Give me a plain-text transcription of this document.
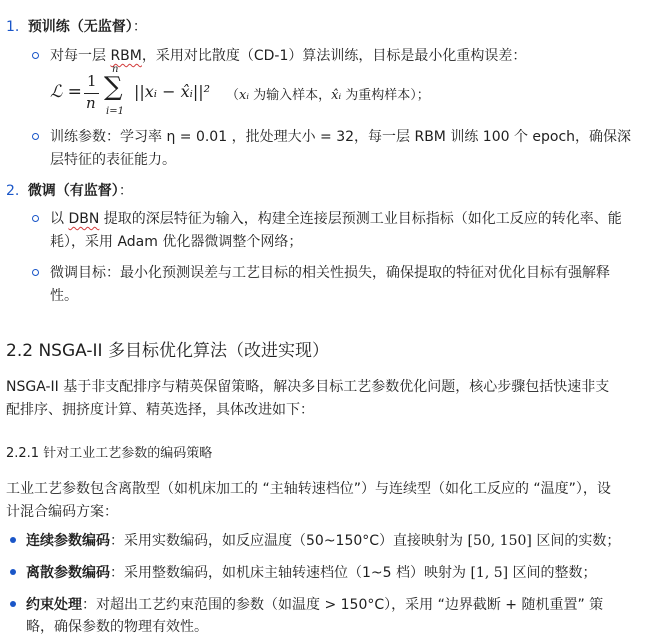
1. 预训练（无监督）：
对每一层 RBM，采用对比散度（CD-1）算法训练，目标是最小化重构误差：
ℒ =
1
n
n
∑
i=1
||xᵢ − x̂ᵢ||² （xᵢ 为输入样本，x̂ᵢ 为重构样本）；
训练参数：学习率 η = 0.01 ，批处理大小 = 32，每一层 RBM 训练 100 个 epoch，确保深
层特征的表征能力。
2. 微调（有监督）：
以 DBN 提取的深层特征为输入，构建全连接层预测工业目标指标（如化工反应的转化率、能
耗），采用 Adam 优化器微调整个网络；
微调目标：最小化预测误差与工艺目标的相关性损失，确保提取的特征对优化目标有强解释
性。
2.2 NSGA-II 多目标优化算法（改进实现）
NSGA-II 基于非支配排序与精英保留策略，解决多目标工艺参数优化问题，核心步骤包括快速非支
配排序、拥挤度计算、精英选择，具体改进如下：
2.2.1 针对工业工艺参数的编码策略
工业工艺参数包含离散型（如机床加工的 “主轴转速档位”）与连续型（如化工反应的 “温度”），设
计混合编码方案：
连续参数编码：采用实数编码，如反应温度（50~150°C）直接映射为 [50, 150] 区间的实数；
离散参数编码：采用整数编码，如机床主轴转速档位（1~5 档）映射为 [1, 5] 区间的整数；
约束处理：对超出工艺约束范围的参数（如温度 > 150°C），采用 “边界截断 + 随机重置” 策
略，确保参数的物理有效性。
